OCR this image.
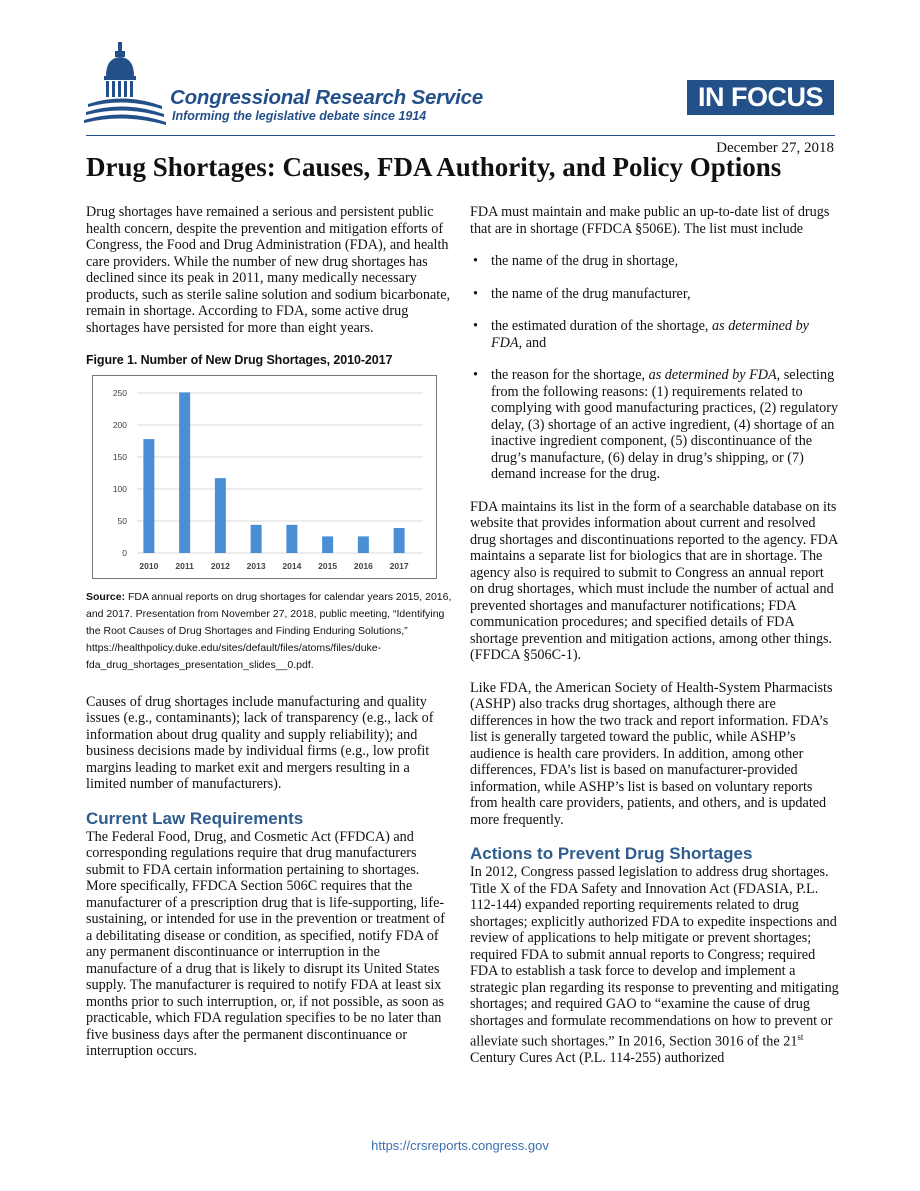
Congressional Research Service
Informing the legislative debate since 1914
IN FOCUS
December 27, 2018
Drug Shortages: Causes, FDA Authority, and Policy Options

Drug shortages have remained a serious and persistent public health concern, despite the prevention and mitigation efforts of Congress, the Food and Drug Administration (FDA), and health care providers. While the number of new drug shortages has declined since its peak in 2011, many medically necessary products, such as sterile saline solution and sodium bicarbonate, remain in shortage. According to FDA, some active drug shortages have persisted for more than eight years.

Figure 1. Number of New Drug Shortages, 2010-2017
0
50
100
150
200
250
2010 2011 2012 2013 2014 2015 2016 2017
Source: FDA annual reports on drug shortages for calendar years 2015, 2016, and 2017. Presentation from November 27, 2018, public meeting, “Identifying the Root Causes of Drug Shortages and Finding Enduring Solutions,” https://healthpolicy.duke.edu/sites/default/files/atoms/files/duke-fda_drug_shortages_presentation_slides__0.pdf.

Causes of drug shortages include manufacturing and quality issues (e.g., contaminants); lack of transparency (e.g., lack of information about drug quality and supply reliability); and business decisions made by individual firms (e.g., low profit margins leading to market exit and mergers resulting in a limited number of manufacturers).

Current Law Requirements

The Federal Food, Drug, and Cosmetic Act (FFDCA) and corresponding regulations require that drug manufacturers submit to FDA certain information pertaining to shortages. More specifically, FFDCA Section 506C requires that the manufacturer of a prescription drug that is life-supporting, life-sustaining, or intended for use in the prevention or treatment of a debilitating disease or condition, as specified, notify FDA of any permanent discontinuance or interruption in the manufacture of a drug that is likely to disrupt its United States supply. The manufacturer is required to notify FDA at least six months prior to such interruption, or, if not possible, as soon as practicable, which FDA regulation specifies to be no later than five business days after the permanent discontinuance or interruption occurs.

FDA must maintain and make public an up-to-date list of drugs that are in shortage (FFDCA §506E). The list must include

• the name of the drug in shortage,
• the name of the drug manufacturer,
• the estimated duration of the shortage, as determined by FDA, and
• the reason for the shortage, as determined by FDA, selecting from the following reasons: (1) requirements related to complying with good manufacturing practices, (2) regulatory delay, (3) shortage of an active ingredient, (4) shortage of an inactive ingredient component, (5) discontinuance of the drug’s manufacture, (6) delay in drug’s shipping, or (7) demand increase for the drug.

FDA maintains its list in the form of a searchable database on its website that provides information about current and resolved drug shortages and discontinuations reported to the agency. FDA maintains a separate list for biologics that are in shortage. The agency also is required to submit to Congress an annual report on drug shortages, which must include the number of actual and prevented shortages and manufacturer notifications; FDA communication procedures; and specified details of FDA shortage prevention and mitigation actions, among other things. (FFDCA §506C-1).

Like FDA, the American Society of Health-System Pharmacists (ASHP) also tracks drug shortages, although there are differences in how the two track and report information. FDA’s list is generally targeted toward the public, while ASHP’s audience is health care providers. In addition, among other differences, FDA’s list is based on manufacturer-provided information, while ASHP’s list is based on voluntary reports from health care providers, patients, and others, and is updated more frequently.

Actions to Prevent Drug Shortages

In 2012, Congress passed legislation to address drug shortages. Title X of the FDA Safety and Innovation Act (FDASIA, P.L. 112-144) expanded reporting requirements related to drug shortages; explicitly authorized FDA to expedite inspections and review of applications to help mitigate or prevent shortages; required FDA to submit annual reports to Congress; required FDA to establish a task force to develop and implement a strategic plan regarding its response to preventing and mitigating shortages; and required GAO to “examine the cause of drug shortages and formulate recommendations on how to prevent or alleviate such shortages.” In 2016, Section 3016 of the 21st Century Cures Act (P.L. 114-255) authorized

https://crsreports.congress.gov
